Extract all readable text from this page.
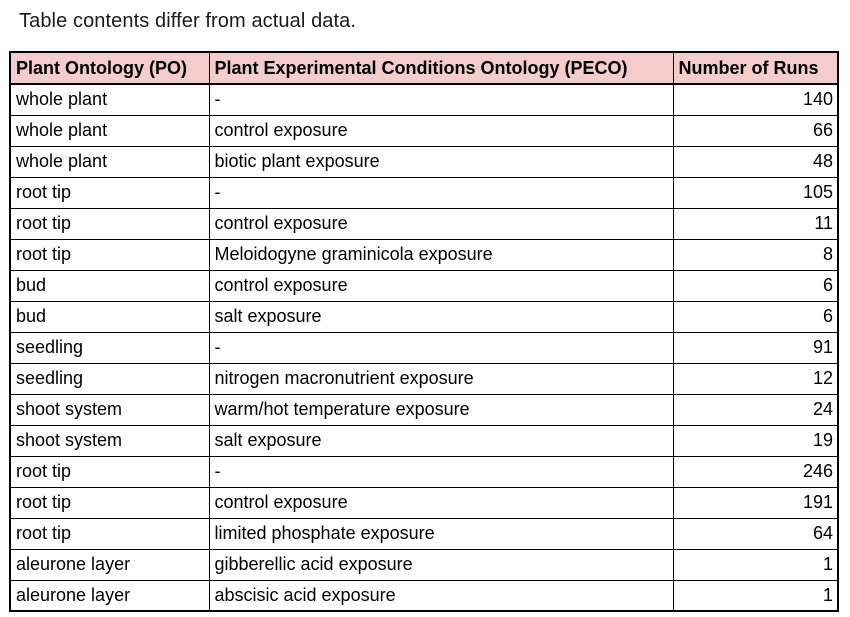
Table contents differ from actual data.
Plant Ontology (PO)	Plant Experimental Conditions Ontology (PECO)	Number of Runs
whole plant	-	140
whole plant	control exposure	66
whole plant	biotic plant exposure	48
root tip	-	105
root tip	control exposure	11
root tip	Meloidogyne graminicola exposure	8
bud	control exposure	6
bud	salt exposure	6
seedling	-	91
seedling	nitrogen macronutrient exposure	12
shoot system	warm/hot temperature exposure	24
shoot system	salt exposure	19
root tip	-	246
root tip	control exposure	191
root tip	limited phosphate exposure	64
aleurone layer	gibberellic acid exposure	1
aleurone layer	abscisic acid exposure	1
